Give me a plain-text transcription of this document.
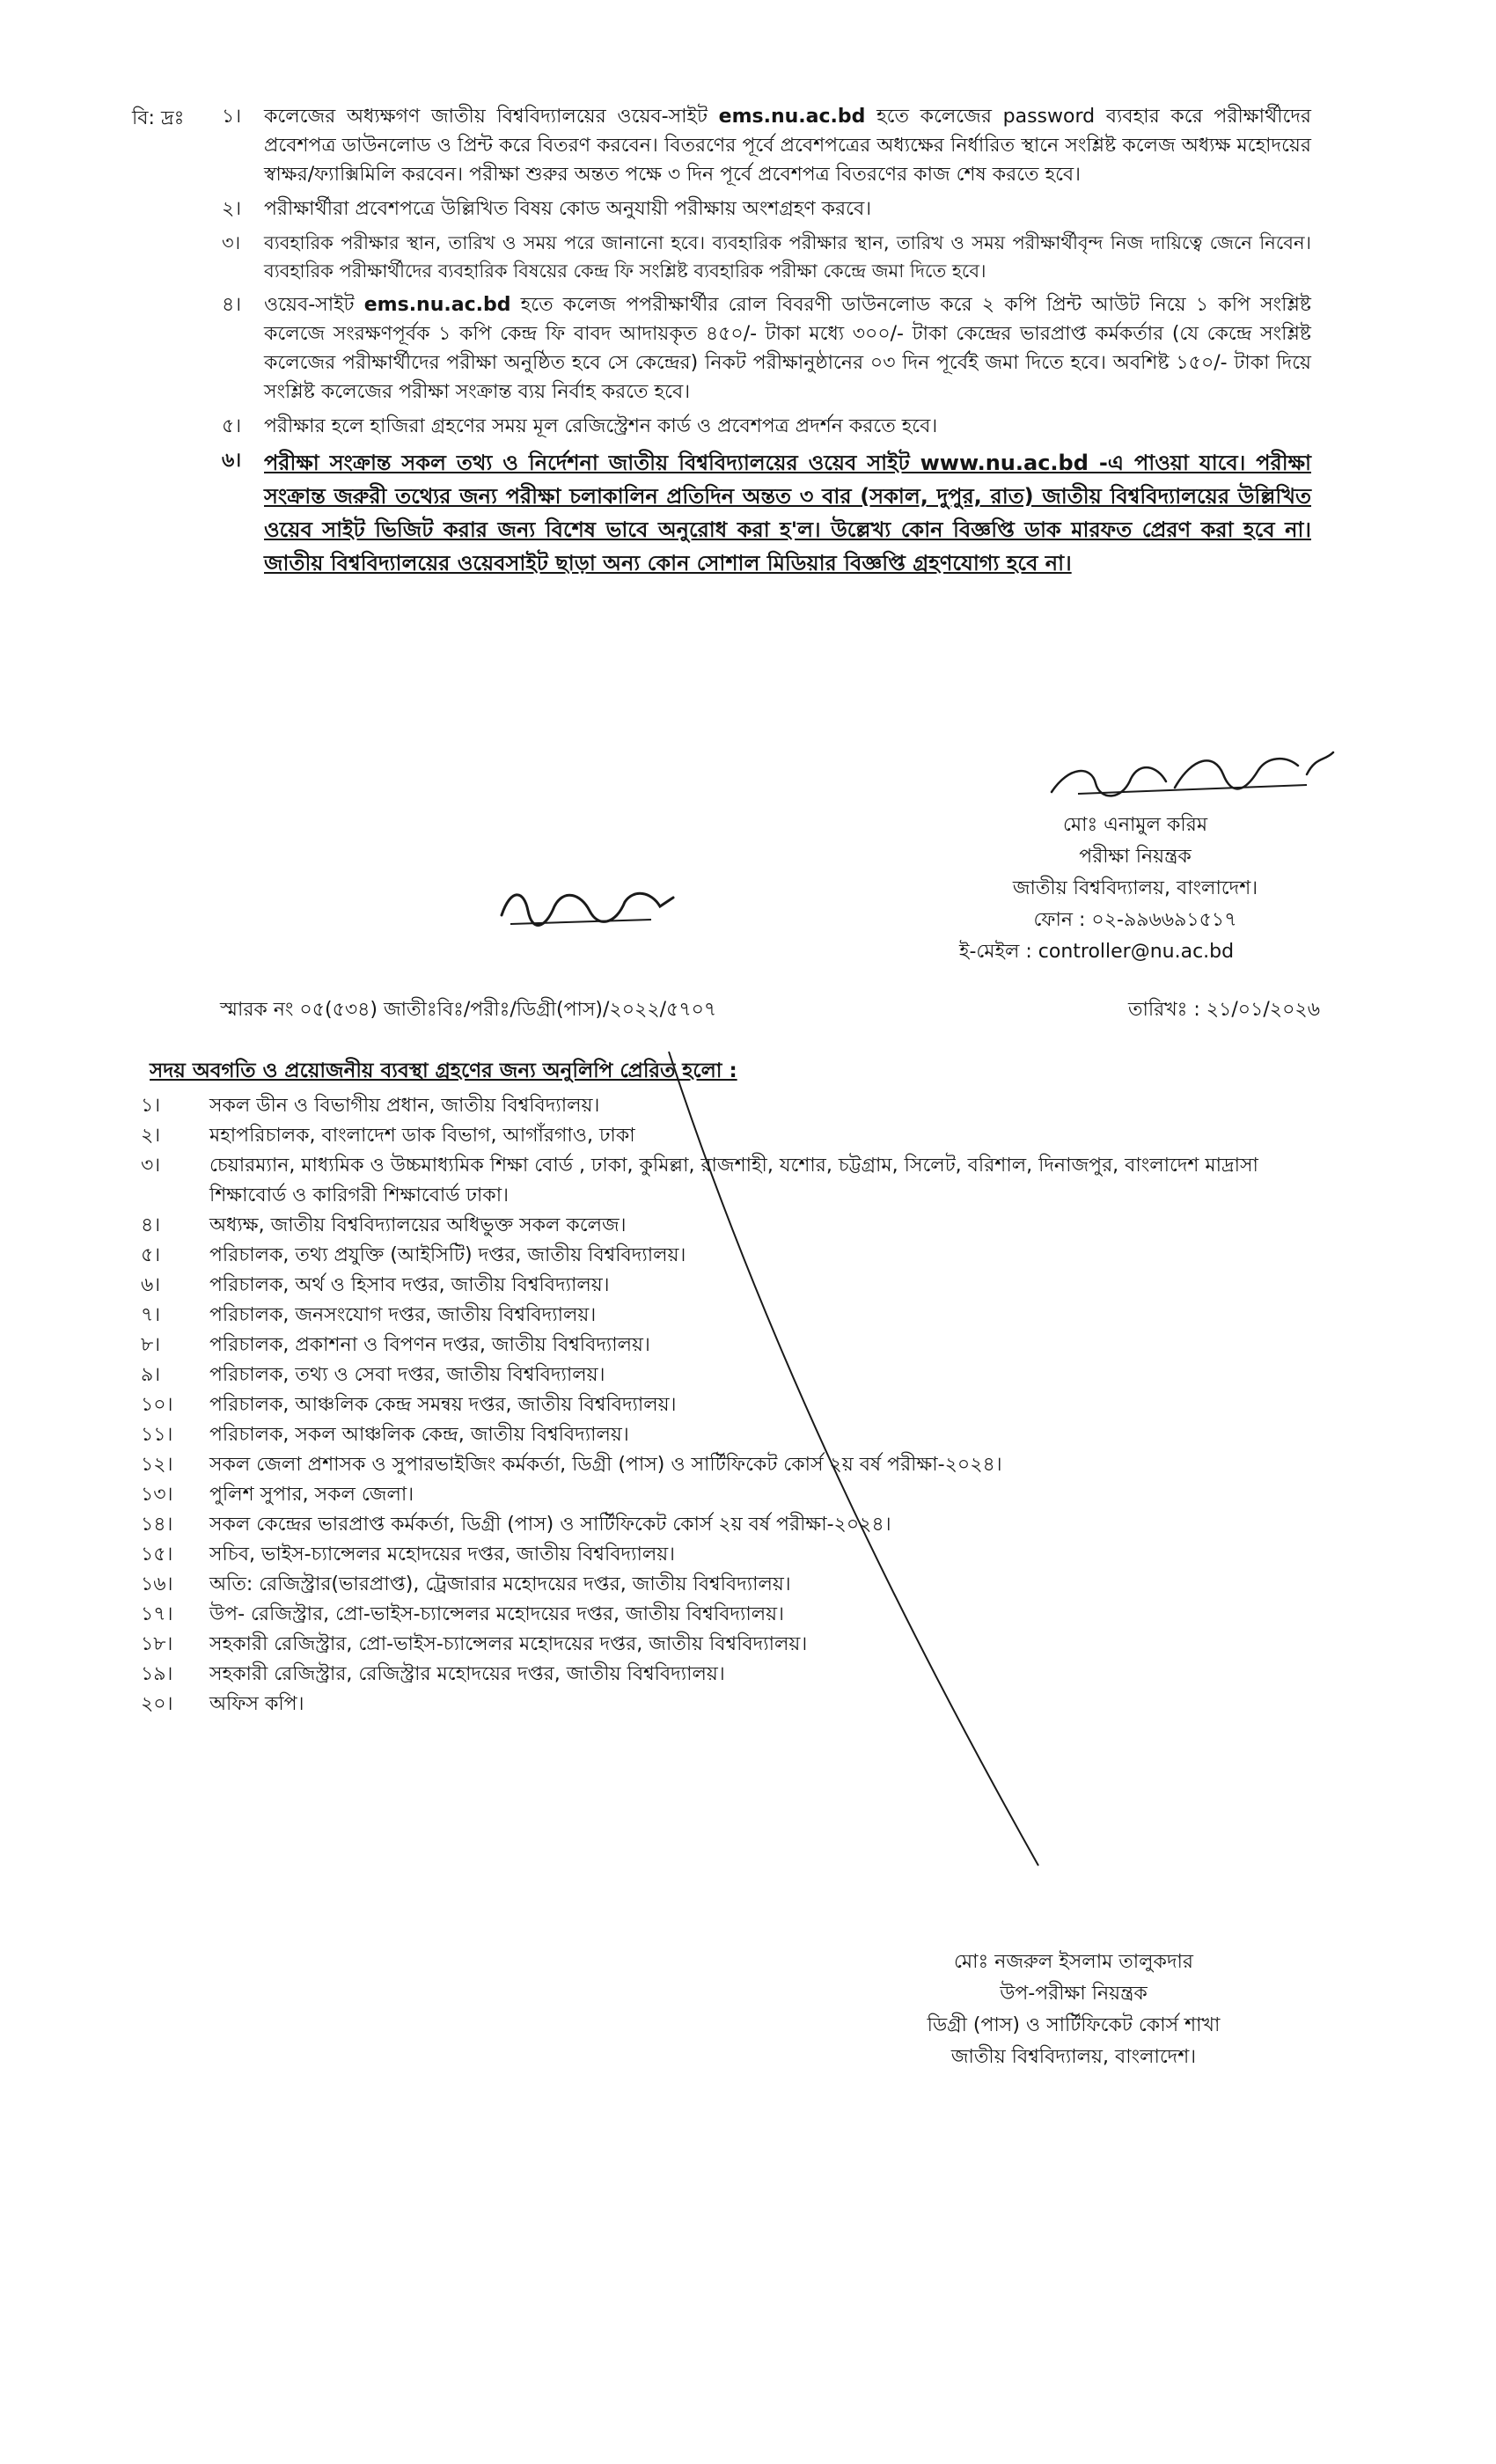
বি: দ্রঃ	১।	কলেজের অধ্যক্ষগণ জাতীয় বিশ্ববিদ্যালয়ের ওয়েব-সাইট ems.nu.ac.bd হতে কলেজের password ব্যবহার করে পরীক্ষার্থীদের প্রবেশপত্র ডাউনলোড ও প্রিন্ট করে বিতরণ করবেন। বিতরণের পূর্বে প্রবেশপত্রের অধ্যক্ষের নির্ধারিত স্থানে সংশ্লিষ্ট কলেজ অধ্যক্ষ মহোদয়ের স্বাক্ষর/ফ্যাক্সিমিলি করবেন। পরীক্ষা শুরুর অন্তত পক্ষে ৩ দিন পূর্বে প্রবেশপত্র বিতরণের কাজ শেষ করতে হবে।
২।	পরীক্ষার্থীরা প্রবেশপত্রে উল্লিখিত বিষয় কোড অনুযায়ী পরীক্ষায় অংশগ্রহণ করবে।
৩।	ব্যবহারিক পরীক্ষার স্থান, তারিখ ও সময় পরে জানানো হবে। ব্যবহারিক পরীক্ষার স্থান, তারিখ ও সময় পরীক্ষার্থীবৃন্দ নিজ দায়িত্বে জেনে নিবেন। ব্যবহারিক পরীক্ষার্থীদের ব্যবহারিক বিষয়ের কেন্দ্র ফি সংশ্লিষ্ট ব্যবহারিক পরীক্ষা কেন্দ্রে জমা দিতে হবে।
৪।	ওয়েব-সাইট ems.nu.ac.bd হতে কলেজ পপরীক্ষার্থীর রোল বিবরণী ডাউনলোড করে ২ কপি প্রিন্ট আউট নিয়ে ১ কপি সংশ্লিষ্ট কলেজে সংরক্ষণপূর্বক ১ কপি কেন্দ্র ফি বাবদ আদায়কৃত ৪৫০/- টাকা মধ্যে ৩০০/- টাকা কেন্দ্রের ভারপ্রাপ্ত কর্মকর্তার (যে কেন্দ্রে সংশ্লিষ্ট কলেজের পরীক্ষার্থীদের পরীক্ষা অনুষ্ঠিত হবে সে কেন্দ্রের) নিকট পরীক্ষানুষ্ঠানের ০৩ দিন পূর্বেই জমা দিতে হবে। অবশিষ্ট ১৫০/- টাকা দিয়ে সংশ্লিষ্ট কলেজের পরীক্ষা সংক্রান্ত ব্যয় নির্বাহ করতে হবে।
৫।	পরীক্ষার হলে হাজিরা গ্রহণের সময় মূল রেজিস্ট্রেশন কার্ড ও প্রবেশপত্র প্রদর্শন করতে হবে।
৬।	পরীক্ষা সংক্রান্ত সকল তথ্য ও নির্দেশনা জাতীয় বিশ্ববিদ্যালয়ের ওয়েব সাইট www.nu.ac.bd -এ পাওয়া যাবে। পরীক্ষা সংক্রান্ত জরুরী তথ্যের জন্য পরীক্ষা চলাকালিন প্রতিদিন অন্তত ৩ বার (সকাল, দুপুর, রাত) জাতীয় বিশ্ববিদ্যালয়ের উল্লিখিত ওয়েব সাইট ভিজিট করার জন্য বিশেষ ভাবে অনুরোধ করা হ'ল। উল্লেখ্য কোন বিজ্ঞপ্তি ডাক মারফত প্রেরণ করা হবে না। জাতীয় বিশ্ববিদ্যালয়ের ওয়েবসাইট ছাড়া অন্য কোন সোশাল মিডিয়ার বিজ্ঞপ্তি গ্রহণযোগ্য হবে না।
মোঃ এনামুল করিম
পরীক্ষা নিয়ন্ত্রক
জাতীয় বিশ্ববিদ্যালয়, বাংলাদেশ।
ফোন : ০২-৯৯৬৬৯১৫১৭
ই-মেইল : controller@nu.ac.bd
স্মারক নং ০৫(৫৩৪) জাতীঃবিঃ/পরীঃ/ডিগ্রী(পাস)/২০২২/৫৭০৭	তারিখঃ : ২১/০১/২০২৬
সদয় অবগতি ও প্রয়োজনীয় ব্যবস্থা গ্রহণের জন্য অনুলিপি প্রেরিত হলো :
১।	সকল ডীন ও বিভাগীয় প্রধান, জাতীয় বিশ্ববিদ্যালয়।
২।	মহাপরিচালক, বাংলাদেশ ডাক বিভাগ, আগাঁরগাও, ঢাকা
৩।	চেয়ারম্যান, মাধ্যমিক ও উচ্চমাধ্যমিক শিক্ষা বোর্ড , ঢাকা, কুমিল্লা, রাজশাহী, যশোর, চট্টগ্রাম, সিলেট, বরিশাল, দিনাজপুর, বাংলাদেশ মাদ্রাসা শিক্ষাবোর্ড ও কারিগরী শিক্ষাবোর্ড ঢাকা।
৪।	অধ্যক্ষ, জাতীয় বিশ্ববিদ্যালয়ের অধিভুক্ত সকল কলেজ।
৫।	পরিচালক, তথ্য প্রযুক্তি (আইসিটি) দপ্তর, জাতীয় বিশ্ববিদ্যালয়।
৬।	পরিচালক, অর্থ ও হিসাব দপ্তর, জাতীয় বিশ্ববিদ্যালয়।
৭।	পরিচালক, জনসংযোগ দপ্তর, জাতীয় বিশ্ববিদ্যালয়।
৮।	পরিচালক, প্রকাশনা ও বিপণন দপ্তর, জাতীয় বিশ্ববিদ্যালয়।
৯।	পরিচালক, তথ্য ও সেবা দপ্তর, জাতীয় বিশ্ববিদ্যালয়।
১০।	পরিচালক, আঞ্চলিক কেন্দ্র সমন্বয় দপ্তর, জাতীয় বিশ্ববিদ্যালয়।
১১।	পরিচালক, সকল আঞ্চলিক কেন্দ্র, জাতীয় বিশ্ববিদ্যালয়।
১২।	সকল জেলা প্রশাসক ও সুপারভাইজিং কর্মকর্তা, ডিগ্রী (পাস) ও সার্টিফিকেট কোর্স ২য় বর্ষ পরীক্ষা-২০২৪।
১৩।	পুলিশ সুপার, সকল জেলা।
১৪।	সকল কেন্দ্রের ভারপ্রাপ্ত কর্মকর্তা, ডিগ্রী (পাস) ও সার্টিফিকেট কোর্স ২য় বর্ষ পরীক্ষা-২০২৪।
১৫।	সচিব, ভাইস-চ্যান্সেলর মহোদয়ের দপ্তর, জাতীয় বিশ্ববিদ্যালয়।
১৬।	অতি: রেজিস্ট্রার(ভারপ্রাপ্ত), ট্রেজারার মহোদয়ের দপ্তর, জাতীয় বিশ্ববিদ্যালয়।
১৭।	উপ- রেজিস্ট্রার, প্রো-ভাইস-চ্যান্সেলর মহোদয়ের দপ্তর, জাতীয় বিশ্ববিদ্যালয়।
১৮।	সহকারী রেজিস্ট্রার, প্রো-ভাইস-চ্যান্সেলর মহোদয়ের দপ্তর, জাতীয় বিশ্ববিদ্যালয়।
১৯।	সহকারী রেজিস্ট্রার, রেজিস্ট্রার মহোদয়ের দপ্তর, জাতীয় বিশ্ববিদ্যালয়।
২০।	অফিস কপি।
মোঃ নজরুল ইসলাম তালুকদার
উপ-পরীক্ষা নিয়ন্ত্রক
ডিগ্রী (পাস) ও সার্টিফিকেট কোর্স শাখা
জাতীয় বিশ্ববিদ্যালয়, বাংলাদেশ।
